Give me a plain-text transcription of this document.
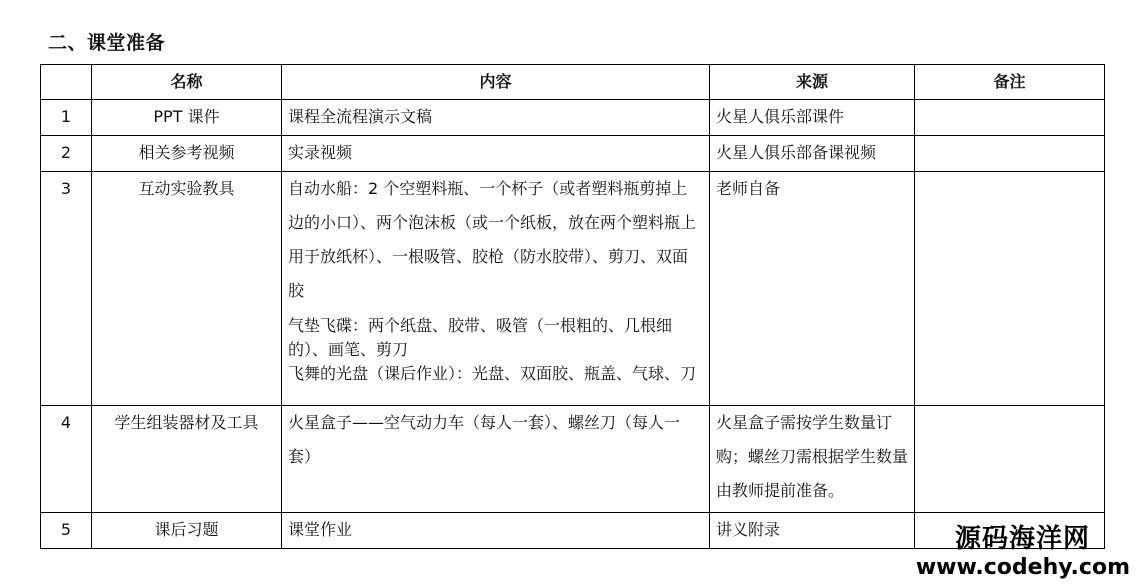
二、课堂准备
	名称	内容	来源	备注
1	PPT 课件	课程全流程演示文稿	火星人俱乐部课件	
2	相关参考视频	实录视频	火星人俱乐部备课视频	
3	互动实验教具	自动水船：2 个空塑料瓶、一个杯子（或者塑料瓶剪掉上边的小口）、两个泡沫板（或一个纸板，放在两个塑料瓶上用于放纸杯）、一根吸管、胶枪（防水胶带）、剪刀、双面胶
气垫飞碟：两个纸盘、胶带、吸管（一根粗的、几根细的）、画笔、剪刀
飞舞的光盘（课后作业）：光盘、双面胶、瓶盖、气球、刀	老师自备	
4	学生组装器材及工具	火星盒子——空气动力车（每人一套）、螺丝刀（每人一套）	火星盒子需按学生数量订购；螺丝刀需根据学生数量由教师提前准备。	
5	课后习题	课堂作业	讲义附录		源码海洋网
www.codehy.com
